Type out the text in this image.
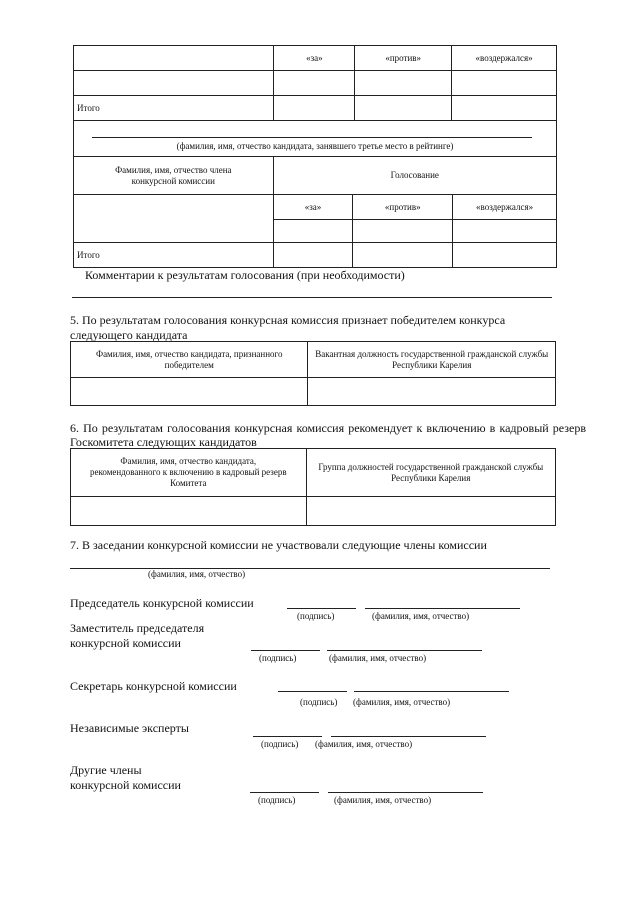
	«за»	«против»	«воздержался»

Итого			
(фамилия, имя, отчество кандидата, занявшего третье место в рейтинге)
Фамилия, имя, отчество члена конкурсной комиссии	Голосование		
	«за»	«против»	«воздержался»

Итого			
Комментарии к результатам голосования (при необходимости)
5. По результатам голосования конкурсная комиссия признает победителем конкурса следующего кандидата
Фамилия, имя, отчество кандидата, признанного победителем	Вакантная должность государственной гражданской службы Республики Карелия

6. По результатам голосования конкурсная комиссия рекомендует к включению в кадровый резерв Госкомитета следующих кандидатов
Фамилия, имя, отчество кандидата, рекомендованного к включению в кадровый резерв Комитета	Группа должностей государственной гражданской службы Республики Карелия

7. В заседании конкурсной комиссии не участвовали следующие члены комиссии
(фамилия, имя, отчество)
Председатель конкурсной комиссии
(подпись)	(фамилия, имя, отчество)
Заместитель председателя
конкурсной комиссии
(подпись)	(фамилия, имя, отчество)
Секретарь конкурсной комиссии
(подпись) (фамилия, имя, отчество)
Независимые эксперты
(подпись) (фамилия, имя, отчество)
Другие члены
конкурсной комиссии
(подпись)	(фамилия, имя, отчество)
